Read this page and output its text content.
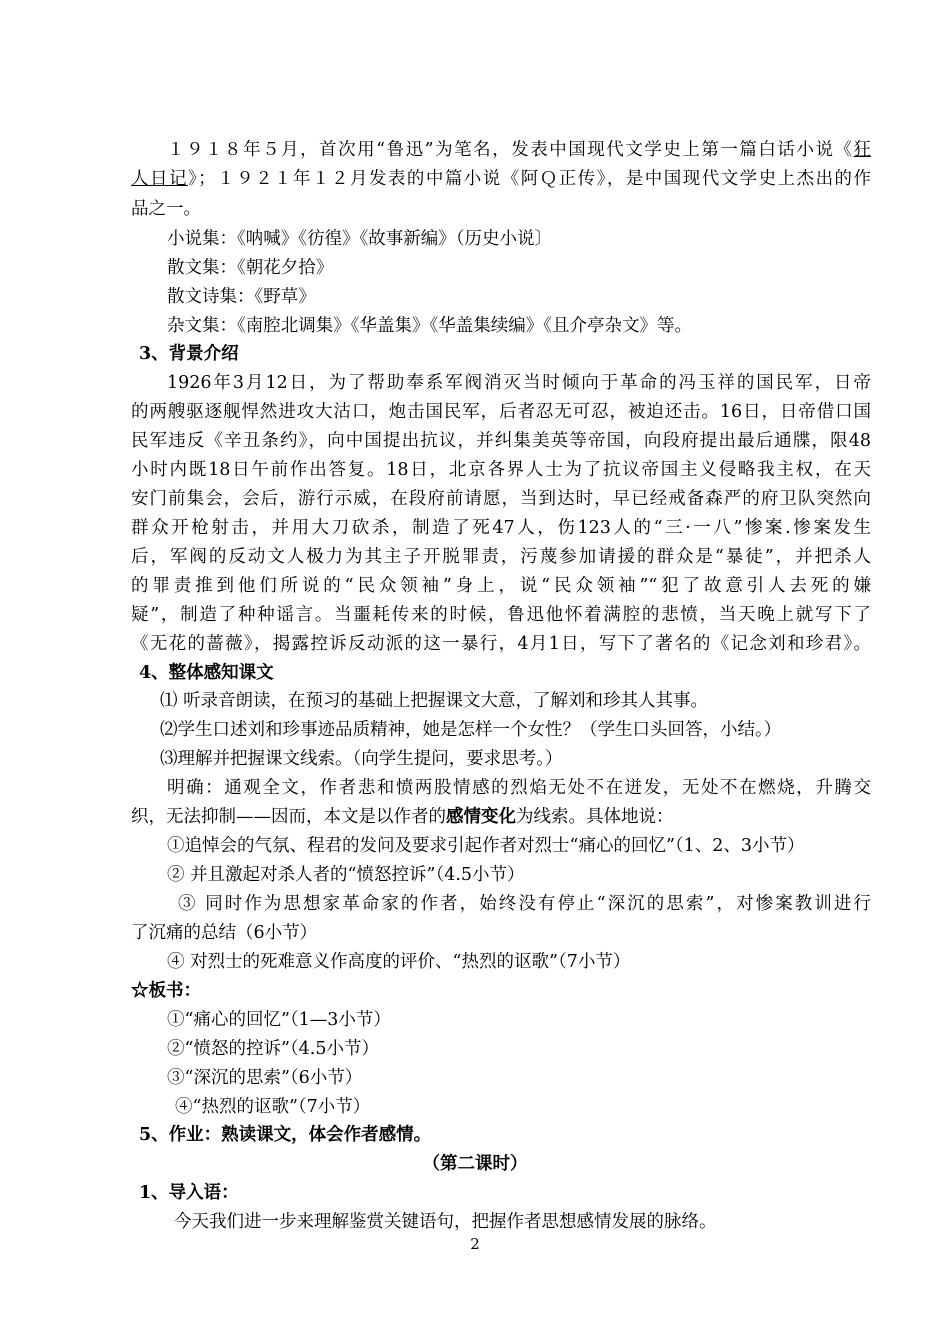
１９１８年５月，首次用“鲁迅”为笔名，发表中国现代文学史上第一篇白话小说《狂
人日记》；１９２１年１２月发表的中篇小说《阿Ｑ正传》，是中国现代文学史上杰出的作
品之一。
小说集：《呐喊》《彷徨》《故事新编》（历史小说〕
散文集：《朝花夕拾》
散文诗集：《野草》
杂文集：《南腔北调集》《华盖集》《华盖集续编》《且介亭杂文》等。
3、背景介绍
1926年3月12日，为了帮助奉系军阀消灭当时倾向于革命的冯玉祥的国民军，日帝
的两艘驱逐舰悍然进攻大沽口，炮击国民军，后者忍无可忍，被迫还击。16日，日帝借口国
民军违反《辛丑条约》，向中国提出抗议，并纠集美英等帝国，向段府提出最后通牒，限48
小时内既18日午前作出答复。18日，北京各界人士为了抗议帝国主义侵略我主权，在天
安门前集会，会后，游行示威，在段府前请愿，当到达时，早已经戒备森严的府卫队突然向
群众开枪射击，并用大刀砍杀，制造了死47人，伤123人的“三·一八”惨案.惨案发生
后，军阀的反动文人极力为其主子开脱罪责，污蔑参加请援的群众是“暴徒”，并把杀人
的罪责推到他们所说的“民众领袖”身上，说“民众领袖”“犯了故意引人去死的嫌
疑”，制造了种种谣言。当噩耗传来的时候，鲁迅他怀着满腔的悲愤，当天晚上就写下了
《无花的蔷薇》，揭露控诉反动派的这一暴行，4月1日，写下了著名的《记念刘和珍君》。
4、整体感知课文
⑴ 听录音朗读，在预习的基础上把握课文大意，了解刘和珍其人其事。
⑵学生口述刘和珍事迹品质精神，她是怎样一个女性？（学生口头回答，小结。）
⑶理解并把握课文线索。（向学生提问，要求思考。）
明确：通观全文，作者悲和愤两股情感的烈焰无处不在迸发，无处不在燃烧，升腾交
织，无法抑制——因而，本文是以作者的感情变化为线索。具体地说：
①追悼会的气氛、程君的发问及要求引起作者对烈士“痛心的回忆”（1、2、3小节）
② 并且激起对杀人者的“愤怒控诉”（4.5小节）
③ 同时作为思想家革命家的作者，始终没有停止“深沉的思索”，对惨案教训进行
了沉痛的总结（6小节）
④ 对烈士的死难意义作高度的评价、“热烈的讴歌”（7小节）
☆板书：
①“痛心的回忆”（1—3小节）
②“愤怒的控诉”（4.5小节）
③“深沉的思索”（6小节）
④“热烈的讴歌”（7小节）
5、作业：熟读课文，体会作者感情。
（第二课时）
1、导入语：
今天我们进一步来理解鉴赏关键语句，把握作者思想感情发展的脉络。
2
